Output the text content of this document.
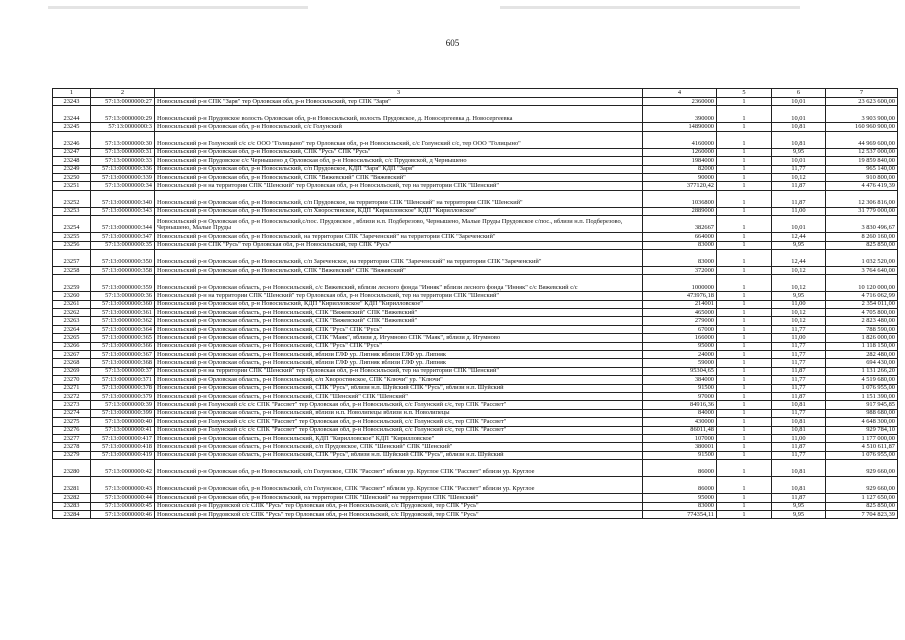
605
1	2	3	4	5	6	7
23243	57:13:0000000:27	Новосильский р-н СПК "Заря" тер Орловская обл, р-н Новосильский, тер СПК "Заря"	2360000	1	10,01	23 623 600,00
23244	57:13:0000000:29	Новосильский р-н Прудовское волость Орловская обл, р-н Новосильский, волость Прудовское, д. Новосергеевка д. Новосергеевка	390000	1	10,01	3 903 900,00
23245	57:13:0000000:3	Новосильский р-н Орловская обл, р-н Новосильский, с/с Голунский	14890000	1	10,81	160 960 900,00
23246	57:13:0000000:30	Новосильский р-н Голунский с/с с/с ООО "Голицыно" тер Орловская обл, р-н Новосильский, с/с Голунский с/с, тер ООО "Голицыно"	4160000	1	10,81	44 969 600,00
23247	57:13:0000000:31	Новосильский р-н Орловская обл, р-н Новосильский, СПК "Русь" СПК "Русь"	1260000	1	9,95	12 537 000,00
23248	57:13:0000000:33	Новосильский р-н Прудовское с/с Чернышено д Орловская обл, р-н Новосильский, с/с Прудовской, д Чернышено	1984000	1	10,01	19 859 840,00
23249	57:13:0000000:336	Новосильский р-н Орловская обл, р-н Новосильский, с/п Прудовское, КДП "Заря" КДП "Заря"	82000	1	11,77	965 140,00
23250	57:13:0000000:339	Новосильский р-н Орловская обл, р-н Новосильский, СПК "Вяжевский" СПК "Вяжевский"	90000	1	10,12	910 800,00
23251	57:13:0000000:34	Новосильский р-н на территории СПК "Шенский" тер Орловская обл, р-н Новосильский, тер на территории СПК "Шенский"	377120,42	1	11,87	4 476 419,39
23252	57:13:0000000:340	Новосильский р-н Орловская обл, р-н Новосильский, с/п Прудовское, на территории СПК "Шенский" на территории СПК "Шенский"	1036800	1	11,87	12 306 816,00
23253	57:13:0000000:343	Новосильский р-н Орловская обл, р-н Новосильский, с/п Хворостянское, КДП "Кирилловское" КДП "Кирилловское"	2889000	1	11,00	31 779 000,00
23254	57:13:0000000:344	Новосильский р-н Орловская обл, р-н Новосильский,с/пос. Прудовское , вблизи н.п. Подберезово, Чернышено, Малые Пруды Прудовское с/пос., вблизи н.п. Подберезово, Чернышено, Малые Пруды	382667	1	10,01	3 830 496,67
23255	57:13:0000000:347	Новосильский р-н Орловская обл, р-н Новосильский, на территории СПК "Зареченский" на территории СПК "Зареченский"	664000	1	12,44	8 260 160,00
23256	57:13:0000000:35	Новосильский р-н СПК "Русь" тер Орловская обл, р-н Новосильский, тер СПК "Русь"	83000	1	9,95	825 850,00
23257	57:13:0000000:350	Новосильский р-н Орловская обл, р-н Новосильский, с/п Зареченское, на территории СПК "Зареченский" на территории СПК "Зареченский"	83000	1	12,44	1 032 520,00
23258	57:13:0000000:358	Новосильский р-н Орловская обл, р-н Новосильский, СПК "Вяжевский" СПК "Вяжевский"	372000	1	10,12	3 764 640,00
23259	57:13:0000000:359	Новосильский р-н Орловская область, р-н Новосильский, с/с Вяжевский, вблизи лесного фонда "Инняк" вблизи лесного фонда "Инняк" с/с Вяжевский с/с	1000000	1	10,12	10 120 000,00
23260	57:13:0000000:36	Новосильский р-н на территории СПК "Шенский" тер Орловская обл, р-н Новосильский, тер на территории СПК "Шенский"	473976,18	1	9,95	4 716 062,99
23261	57:13:0000000:360	Новосильский р-н Орловская обл, р-н Новосильский, КДП "Кирилловское" КДП "Кирилловское"	214001	1	11,00	2 354 011,00
23262	57:13:0000000:361	Новосильский р-н Орловская область, р-н Новосильский, СПК "Вяжевский" СПК "Вяжевский"	465000	1	10,12	4 705 800,00
23263	57:13:0000000:362	Новосильский р-н Орловская область, р-н Новосильский, СПК "Вяжевский" СПК "Вяжевский"	279000	1	10,12	2 823 480,00
23264	57:13:0000000:364	Новосильский р-н Орловская область, р-н Новосильский, СПК "Русь" СПК "Русь"	67000	1	11,77	788 590,00
23265	57:13:0000000:365	Новосильский р-н Орловская область, р-н Новосильский, СПК "Маяк", вблизи д. Игумново СПК "Маяк", вблизи д. Игумново	166000	1	11,00	1 826 000,00
23266	57:13:0000000:366	Новосильский р-н Орловская область, р-н Новосильский, СПК "Русь" СПК "Русь"	95000	1	11,77	1 118 150,00
23267	57:13:0000000:367	Новосильский р-н Орловская область, р-н Новосильский, вблизи ГЛФ ур. Липняк вблизи ГЛФ ур. Липняк	24000	1	11,77	282 480,00
23268	57:13:0000000:368	Новосильский р-н Орловская область, р-н Новосильский, вблизи ГЛФ ур. Липняк вблизи ГЛФ ур. Липняк	59000	1	11,77	694 430,00
23269	57:13:0000000:37	Новосильский р-н на территории СПК "Шенский" тер Орловская обл, р-н Новосильский, тер на территории СПК "Шенский"	95304,65	1	11,87	1 131 266,20
23270	57:13:0000000:371	Новосильский р-н Орловская область, р-н Новосильский, с/п Хворостянское, СПК "Ключи" ур. "Ключи"	384000	1	11,77	4 519 680,00
23271	57:13:0000000:378	Новосильский р-н Орловская область, р-н Новосильский, СПК "Русь", вблизи н.п. Шуйский СПК "Русь", вблизи н.п. Шуйский	91500	1	11,77	1 076 955,00
23272	57:13:0000000:379	Новосильский р-н Орловская область, р-н Новосильский, СПК "Шенский" СПК "Шенский"	97000	1	11,87	1 151 390,00
23273	57:13:0000000:39	Новосильский р-н Голунский с/с с/с СПК "Рассвет" тер Орловская обл, р-н Новосильский, с/с Голунский с/с, тер СПК "Рассвет"	84916,36	1	10,81	917 945,85
23274	57:13:0000000:399	Новосильский р-н Орловская область, р-н Новосильский, вблизи н.п. Новолипецы вблизи н.п. Новолипецы	84000	1	11,77	988 680,00
23275	57:13:0000000:40	Новосильский р-н Голунский с/с с/с СПК "Рассвет" тер Орловская обл, р-н Новосильский, с/с Голунский с/с, тер СПК "Рассвет"	430000	1	10,81	4 648 300,00
23276	57:13:0000000:41	Новосильский р-н Голунский с/с с/с СПК "Рассвет" тер Орловская обл, р-н Новосильский, с/с Голунский с/с, тер СПК "Рассвет"	86011,48	1	10,81	929 784,10
23277	57:13:0000000:417	Новосильский р-н Орловская область, р-н Новосильский, КДП "Кирилловское" КДП "Кирилловское"	107000	1	11,00	1 177 000,00
23278	57:13:0000000:418	Новосильский р-н Орловская область, р-н Новосильский, с/п Прудовское, СПК "Шенский" СПК "Шенский"	380001	1	11,87	4 510 611,87
23279	57:13:0000000:419	Новосильский р-н Орловская область, р-н Новосильский, СПК "Русь", вблизи н.п. Шуйский СПК "Русь", вблизи н.п. Шуйский	91500	1	11,77	1 076 955,00
23280	57:13:0000000:42	Новосильский р-н Орловская обл, р-н Новосильский, с/п Голунское, СПК "Рассвет" вблизи ур. Круглое СПК "Рассвет" вблизи ур. Круглое	86000	1	10,81	929 660,00
23281	57:13:0000000:43	Новосильский р-н Орловская обл, р-н Новосильский, с/п Голунское, СПК "Рассвет" вблизи ур. Круглое СПК "Рассвет" вблизи ур. Круглое	86000	1	10,81	929 660,00
23282	57:13:0000000:44	Новосильский р-н Орловская обл, р-н Новосильский, на территории СПК "Шенский" на территории СПК "Шенский"	95000	1	11,87	1 127 650,00
23283	57:13:0000000:45	Новосильский р-н Прудовской с/с СПК "Русь" тер Орловская обл, р-н Новосильский, с/с Прудовской, тер СПК "Русь"	83000	1	9,95	825 850,00
23284	57:13:0000000:46	Новосильский р-н Прудовской с/с СПК "Русь" тер Орловская обл, р-н Новосильский, с/с Прудовской, тер СПК "Русь"	774354,11	1	9,95	7 704 823,39
